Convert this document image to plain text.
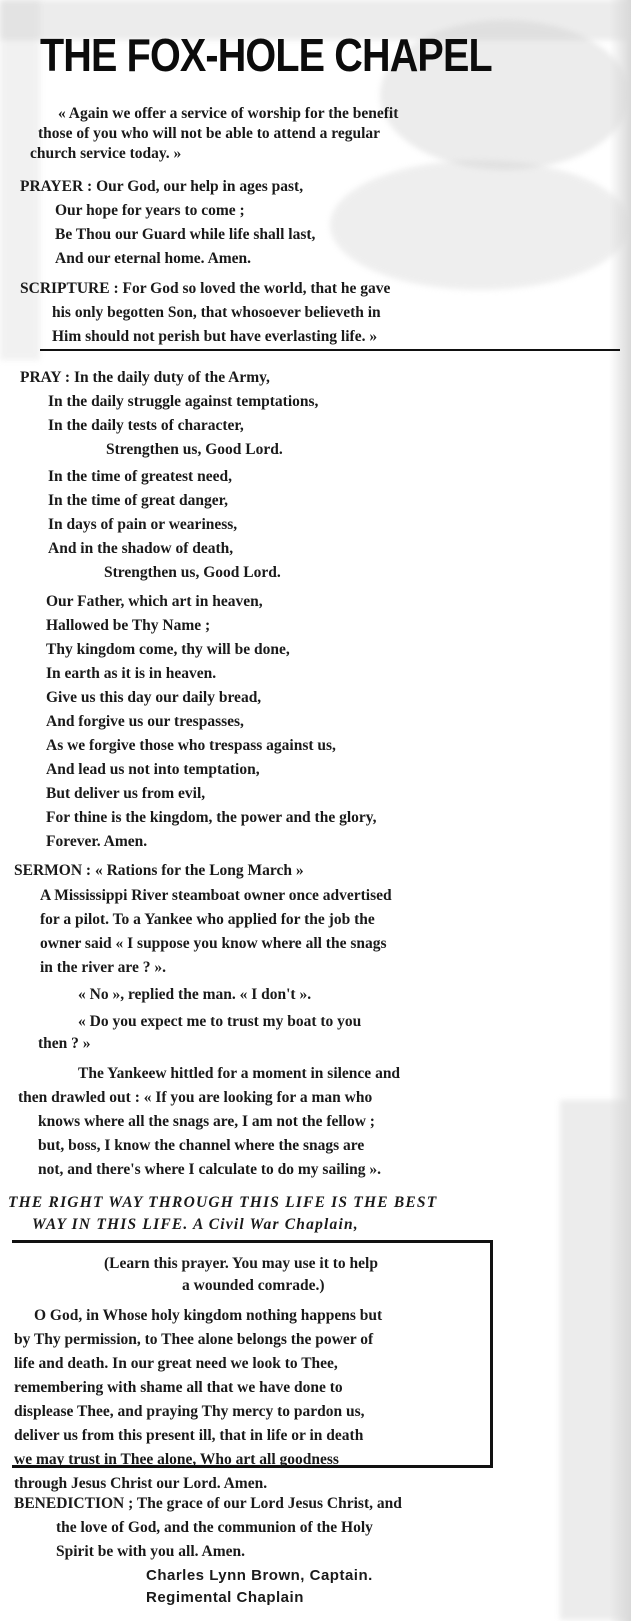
THE FOX-HOLE CHAPEL
« Again we offer a service of worship for the benefit
those of you who will not be able to attend a regular
church service today. »
PRAYER : Our God, our help in ages past,
Our hope for years to come ;
Be Thou our Guard while life shall last,
And our eternal home. Amen.
SCRIPTURE : For God so loved the world, that he gave
his only begotten Son, that whosoever believeth in
Him should not perish but have everlasting life. »
PRAY : In the daily duty of the Army,
In the daily struggle against temptations,
In the daily tests of character,
Strengthen us, Good Lord.
In the time of greatest need,
In the time of great danger,
In days of pain or weariness,
And in the shadow of death,
Strengthen us, Good Lord.
Our Father, which art in heaven,
Hallowed be Thy Name ;
Thy kingdom come, thy will be done,
In earth as it is in heaven.
Give us this day our daily bread,
And forgive us our trespasses,
As we forgive those who trespass against us,
And lead us not into temptation,
But deliver us from evil,
For thine is the kingdom, the power and the glory,
Forever. Amen.
SERMON : « Rations for the Long March »
A Mississippi River steamboat owner once advertised
for a pilot. To a Yankee who applied for the job the
owner said « I suppose you know where all the snags
in the river are ? ».
« No », replied the man. « I don't ».
« Do you expect me to trust my boat to you
then ? »
The Yankeew hittled for a moment in silence and
then drawled out : « If you are looking for a man who
knows where all the snags are, I am not the fellow ;
but, boss, I know the channel where the snags are
not, and there's where I calculate to do my sailing ».
THE RIGHT WAY THROUGH THIS LIFE IS THE BEST
WAY IN THIS LIFE. A Civil War Chaplain,
(Learn this prayer. You may use it to help
a wounded comrade.)
O God, in Whose holy kingdom nothing happens but
by Thy permission, to Thee alone belongs the power of
life and death. In our great need we look to Thee,
remembering with shame all that we have done to
displease Thee, and praying Thy mercy to pardon us,
deliver us from this present ill, that in life or in death
we may trust in Thee alone, Who art all goodness
through Jesus Christ our Lord. Amen.
BENEDICTION ; The grace of our Lord Jesus Christ, and
the love of God, and the communion of the Holy
Spirit be with you all. Amen.
Charles Lynn Brown, Captain.
Regimental Chaplain
